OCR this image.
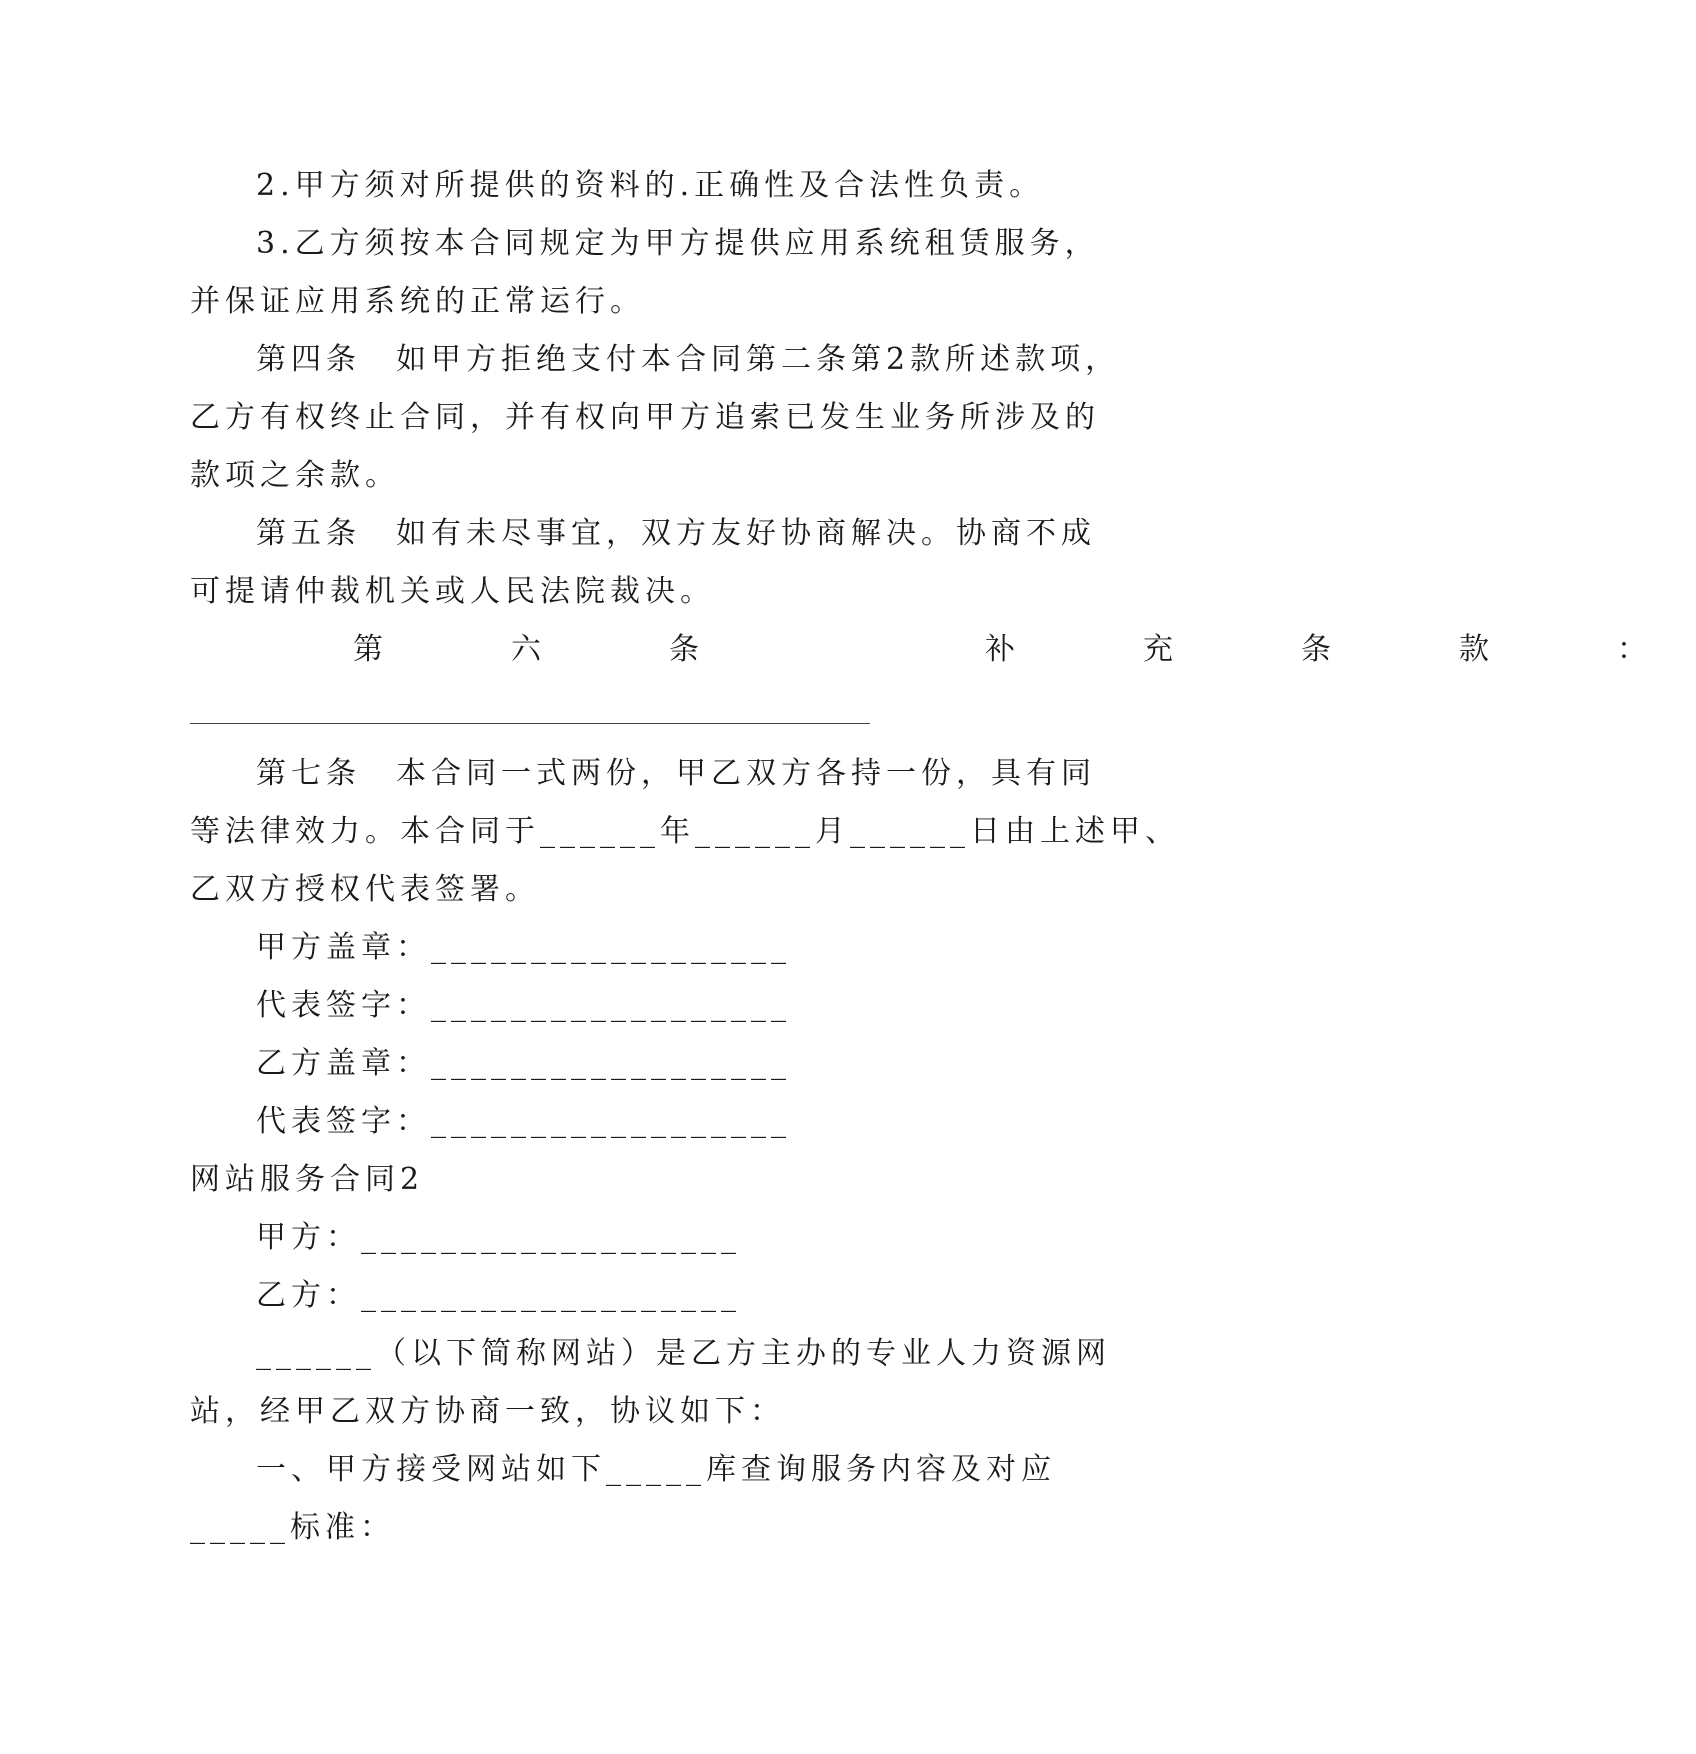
2.甲方须对所提供的资料的.正确性及合法性负责。
3.乙方须按本合同规定为甲方提供应用系统租赁服务，
并保证应用系统的正常运行。
第四条　如甲方拒绝支付本合同第二条第2款所述款项，
乙方有权终止合同，并有权向甲方追索已发生业务所涉及的
款项之余款。
第五条　如有未尽事宜，双方友好协商解决。协商不成
可提请仲裁机关或人民法院裁决。
第　六　条　　　补　充　条　款　：
第七条　本合同一式两份，甲乙双方各持一份，具有同
等法律效力。本合同于______年______月______日由上述甲、
乙双方授权代表签署。
甲方盖章：__________________
代表签字：__________________
乙方盖章：__________________
代表签字：__________________
网站服务合同2
甲方：___________________
乙方：___________________
______（以下简称网站）是乙方主办的专业人力资源网
站，经甲乙双方协商一致，协议如下：
一、甲方接受网站如下_____库查询服务内容及对应
_____标准：
